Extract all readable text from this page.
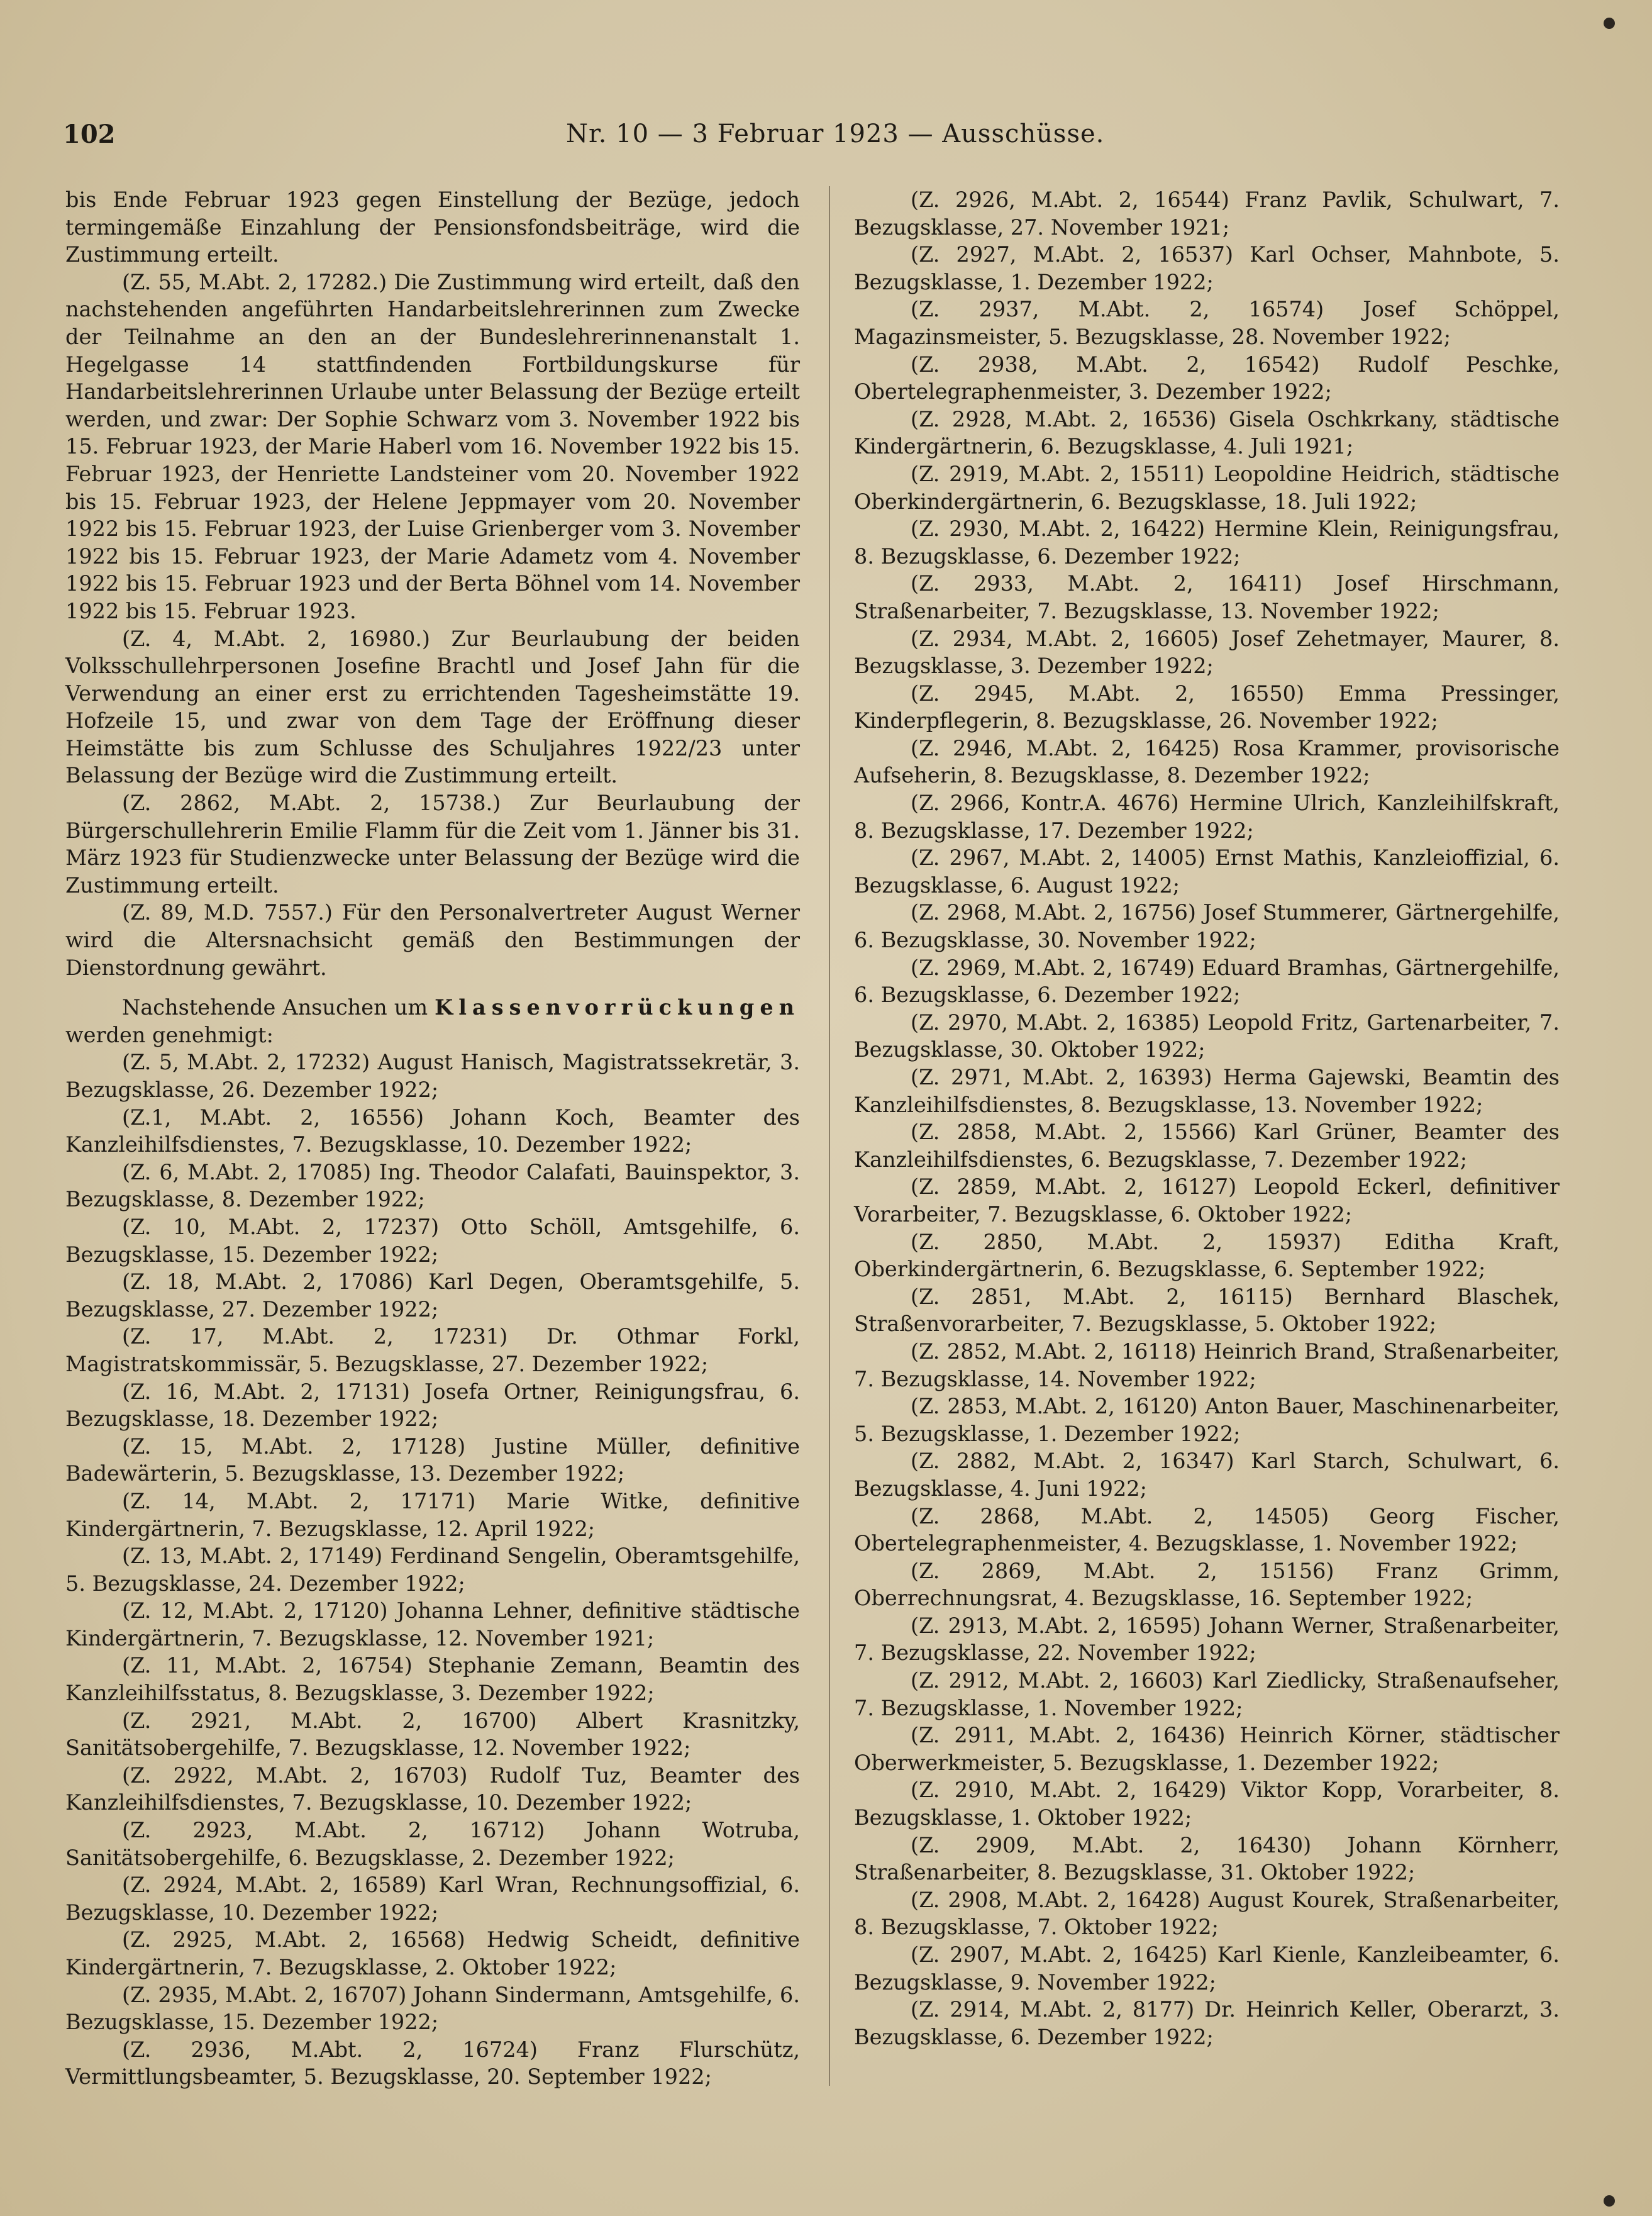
102	Nr. 10 — 3 Februar 1923 — Ausschüsse.

bis Ende Februar 1923 gegen Einstellung der Bezüge, jedoch termingemäße Einzahlung der Pensionsfondsbeiträge, wird die Zustimmung erteilt.

(Z. 55, M.Abt. 2, 17282.) Die Zustimmung wird erteilt, daß den nachstehenden angeführten Handarbeitslehrerinnen zum Zwecke der Teilnahme an den an der Bundeslehrerinnenanstalt 1. Hegelgasse 14 stattfindenden Fortbildungskurse für Handarbeitslehrerinnen Urlaube unter Belassung der Bezüge erteilt werden, und zwar: Der Sophie Schwarz vom 3. November 1922 bis 15. Februar 1923, der Marie Haberl vom 16. November 1922 bis 15. Februar 1923, der Henriette Landsteiner vom 20. November 1922 bis 15. Februar 1923, der Helene Jeppmayer vom 20. November 1922 bis 15. Februar 1923, der Luise Grienberger vom 3. November 1922 bis 15. Februar 1923, der Marie Adametz vom 4. November 1922 bis 15. Februar 1923 und der Berta Böhnel vom 14. November 1922 bis 15. Februar 1923.

(Z. 4, M.Abt. 2, 16980.) Zur Beurlaubung der beiden Volksschullehrpersonen Josefine Brachtl und Josef Jahn für die Verwendung an einer erst zu errichtenden Tagesheimstätte 19. Hofzeile 15, und zwar von dem Tage der Eröffnung dieser Heimstätte bis zum Schlusse des Schuljahres 1922/23 unter Belassung der Bezüge wird die Zustimmung erteilt.

(Z. 2862, M.Abt. 2, 15738.) Zur Beurlaubung der Bürgerschullehrerin Emilie Flamm für die Zeit vom 1. Jänner bis 31. März 1923 für Studienzwecke unter Belassung der Bezüge wird die Zustimmung erteilt.

(Z. 89, M.D. 7557.) Für den Personalvertreter August Werner wird die Altersnachsicht gemäß den Bestimmungen der Dienstordnung gewährt.

Nachstehende Ansuchen um Klassenvorrückungen werden genehmigt:

(Z. 5, M.Abt. 2, 17232) August Hanisch, Magistratssekretär, 3. Bezugsklasse, 26. Dezember 1922;

(Z.1, M.Abt. 2, 16556) Johann Koch, Beamter des Kanzleihilfsdienstes, 7. Bezugsklasse, 10. Dezember 1922;

(Z. 6, M.Abt. 2, 17085) Ing. Theodor Calafati, Bauinspektor, 3. Bezugsklasse, 8. Dezember 1922;

(Z. 10, M.Abt. 2, 17237) Otto Schöll, Amtsgehilfe, 6. Bezugsklasse, 15. Dezember 1922;

(Z. 18, M.Abt. 2, 17086) Karl Degen, Oberamtsgehilfe, 5. Bezugsklasse, 27. Dezember 1922;

(Z. 17, M.Abt. 2, 17231) Dr. Othmar Forkl, Magistratskommissär, 5. Bezugsklasse, 27. Dezember 1922;

(Z. 16, M.Abt. 2, 17131) Josefa Ortner, Reinigungsfrau, 6. Bezugsklasse, 18. Dezember 1922;

(Z. 15, M.Abt. 2, 17128) Justine Müller, definitive Badewärterin, 5. Bezugsklasse, 13. Dezember 1922;

(Z. 14, M.Abt. 2, 17171) Marie Witke, definitive Kindergärtnerin, 7. Bezugsklasse, 12. April 1922;

(Z. 13, M.Abt. 2, 17149) Ferdinand Sengelin, Oberamtsgehilfe, 5. Bezugsklasse, 24. Dezember 1922;

(Z. 12, M.Abt. 2, 17120) Johanna Lehner, definitive städtische Kindergärtnerin, 7. Bezugsklasse, 12. November 1921;

(Z. 11, M.Abt. 2, 16754) Stephanie Zemann, Beamtin des Kanzleihilfsstatus, 8. Bezugsklasse, 3. Dezember 1922;

(Z. 2921, M.Abt. 2, 16700) Albert Krasnitzky, Sanitätsobergehilfe, 7. Bezugsklasse, 12. November 1922;

(Z. 2922, M.Abt. 2, 16703) Rudolf Tuz, Beamter des Kanzleihilfsdienstes, 7. Bezugsklasse, 10. Dezember 1922;

(Z. 2923, M.Abt. 2, 16712) Johann Wotruba, Sanitätsobergehilfe, 6. Bezugsklasse, 2. Dezember 1922;

(Z. 2924, M.Abt. 2, 16589) Karl Wran, Rechnungsoffizial, 6. Bezugsklasse, 10. Dezember 1922;

(Z. 2925, M.Abt. 2, 16568) Hedwig Scheidt, definitive Kindergärtnerin, 7. Bezugsklasse, 2. Oktober 1922;

(Z. 2935, M.Abt. 2, 16707) Johann Sindermann, Amtsgehilfe, 6. Bezugsklasse, 15. Dezember 1922;

(Z. 2936, M.Abt. 2, 16724) Franz Flurschütz, Vermittlungsbeamter, 5. Bezugsklasse, 20. September 1922;

(Z. 2926, M.Abt. 2, 16544) Franz Pavlik, Schulwart, 7. Bezugsklasse, 27. November 1921;

(Z. 2927, M.Abt. 2, 16537) Karl Ochser, Mahnbote, 5. Bezugsklasse, 1. Dezember 1922;

(Z. 2937, M.Abt. 2, 16574) Josef Schöppel, Magazinsmeister, 5. Bezugsklasse, 28. November 1922;

(Z. 2938, M.Abt. 2, 16542) Rudolf Peschke, Obertelegraphenmeister, 3. Dezember 1922;

(Z. 2928, M.Abt. 2, 16536) Gisela Oschkrkany, städtische Kindergärtnerin, 6. Bezugsklasse, 4. Juli 1921;

(Z. 2919, M.Abt. 2, 15511) Leopoldine Heidrich, städtische Oberkindergärtnerin, 6. Bezugsklasse, 18. Juli 1922;

(Z. 2930, M.Abt. 2, 16422) Hermine Klein, Reinigungsfrau, 8. Bezugsklasse, 6. Dezember 1922;

(Z. 2933, M.Abt. 2, 16411) Josef Hirschmann, Straßenarbeiter, 7. Bezugsklasse, 13. November 1922;

(Z. 2934, M.Abt. 2, 16605) Josef Zehetmayer, Maurer, 8. Bezugsklasse, 3. Dezember 1922;

(Z. 2945, M.Abt. 2, 16550) Emma Pressinger, Kinderpflegerin, 8. Bezugsklasse, 26. November 1922;

(Z. 2946, M.Abt. 2, 16425) Rosa Krammer, provisorische Aufseherin, 8. Bezugsklasse, 8. Dezember 1922;

(Z. 2966, Kontr.A. 4676) Hermine Ulrich, Kanzleihilfskraft, 8. Bezugsklasse, 17. Dezember 1922;

(Z. 2967, M.Abt. 2, 14005) Ernst Mathis, Kanzleioffizial, 6. Bezugsklasse, 6. August 1922;

(Z. 2968, M.Abt. 2, 16756) Josef Stummerer, Gärtnergehilfe, 6. Bezugsklasse, 30. November 1922;

(Z. 2969, M.Abt. 2, 16749) Eduard Bramhas, Gärtnergehilfe, 6. Bezugsklasse, 6. Dezember 1922;

(Z. 2970, M.Abt. 2, 16385) Leopold Fritz, Gartenarbeiter, 7. Bezugsklasse, 30. Oktober 1922;

(Z. 2971, M.Abt. 2, 16393) Herma Gajewski, Beamtin des Kanzleihilfsdienstes, 8. Bezugsklasse, 13. November 1922;

(Z. 2858, M.Abt. 2, 15566) Karl Grüner, Beamter des Kanzleihilfsdienstes, 6. Bezugsklasse, 7. Dezember 1922;

(Z. 2859, M.Abt. 2, 16127) Leopold Eckerl, definitiver Vorarbeiter, 7. Bezugsklasse, 6. Oktober 1922;

(Z. 2850, M.Abt. 2, 15937) Editha Kraft, Oberkindergärtnerin, 6. Bezugsklasse, 6. September 1922;

(Z. 2851, M.Abt. 2, 16115) Bernhard Blaschek, Straßenvorarbeiter, 7. Bezugsklasse, 5. Oktober 1922;

(Z. 2852, M.Abt. 2, 16118) Heinrich Brand, Straßenarbeiter, 7. Bezugsklasse, 14. November 1922;

(Z. 2853, M.Abt. 2, 16120) Anton Bauer, Maschinenarbeiter, 5. Bezugsklasse, 1. Dezember 1922;

(Z. 2882, M.Abt. 2, 16347) Karl Starch, Schulwart, 6. Bezugsklasse, 4. Juni 1922;

(Z. 2868, M.Abt. 2, 14505) Georg Fischer, Obertelegraphenmeister, 4. Bezugsklasse, 1. November 1922;

(Z. 2869, M.Abt. 2, 15156) Franz Grimm, Oberrechnungsrat, 4. Bezugsklasse, 16. September 1922;

(Z. 2913, M.Abt. 2, 16595) Johann Werner, Straßenarbeiter, 7. Bezugsklasse, 22. November 1922;

(Z. 2912, M.Abt. 2, 16603) Karl Ziedlicky, Straßenaufseher, 7. Bezugsklasse, 1. November 1922;

(Z. 2911, M.Abt. 2, 16436) Heinrich Körner, städtischer Oberwerkmeister, 5. Bezugsklasse, 1. Dezember 1922;

(Z. 2910, M.Abt. 2, 16429) Viktor Kopp, Vorarbeiter, 8. Bezugsklasse, 1. Oktober 1922;

(Z. 2909, M.Abt. 2, 16430) Johann Körnherr, Straßenarbeiter, 8. Bezugsklasse, 31. Oktober 1922;

(Z. 2908, M.Abt. 2, 16428) August Kourek, Straßenarbeiter, 8. Bezugsklasse, 7. Oktober 1922;

(Z. 2907, M.Abt. 2, 16425) Karl Kienle, Kanzleibeamter, 6. Bezugsklasse, 9. November 1922;

(Z. 2914, M.Abt. 2, 8177) Dr. Heinrich Keller, Oberarzt, 3. Bezugsklasse, 6. Dezember 1922;
